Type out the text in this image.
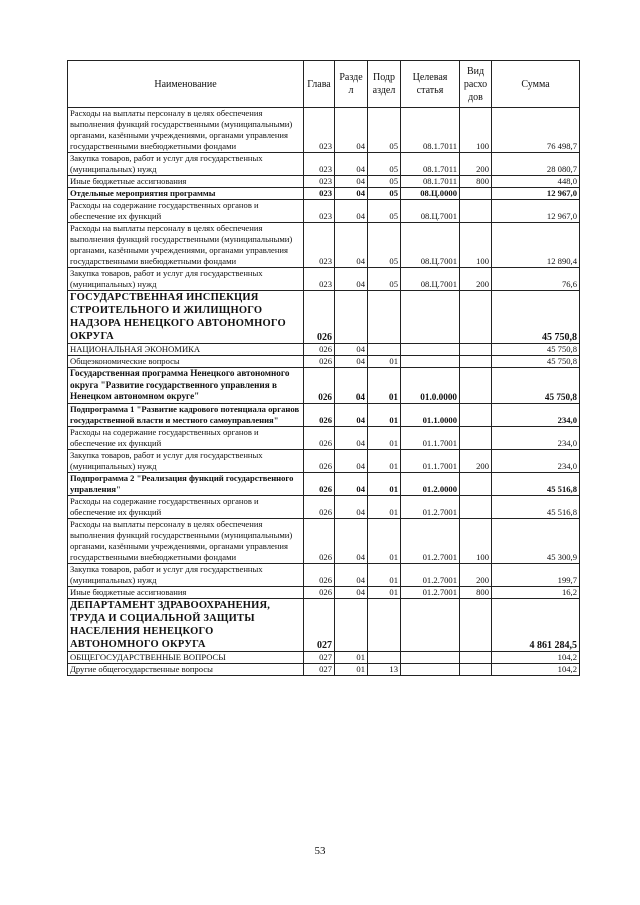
Наименование	Глава	Разде л	Подр аздел	Целевая статья	Вид расхо дов	Сумма
Расходы на выплаты персоналу в целях обеспечения выполнения функций государственными (муниципальными) органами, казёнными учреждениями, органами управления государственными внебюджетными фондами	023	04	05	08.1.7011	100	76 498,7
Закупка товаров, работ и услуг для государственных (муниципальных) нужд	023	04	05	08.1.7011	200	28 080,7
Иные бюджетные ассигнования	023	04	05	08.1.7011	800	448,0
Отдельные мероприятия программы	023	04	05	08.Ц.0000		12 967,0
Расходы на содержание государственных органов и обеспечение их функций	023	04	05	08.Ц.7001		12 967,0
Расходы на выплаты персоналу в целях обеспечения выполнения функций государственными (муниципальными) органами, казёнными учреждениями, органами управления государственными внебюджетными фондами	023	04	05	08.Ц.7001	100	12 890,4
Закупка товаров, работ и услуг для государственных (муниципальных) нужд	023	04	05	08.Ц.7001	200	76,6
ГОСУДАРСТВЕННАЯ ИНСПЕКЦИЯ СТРОИТЕЛЬНОГО И ЖИЛИЩНОГО НАДЗОРА НЕНЕЦКОГО АВТОНОМНОГО ОКРУГА	026					45 750,8
НАЦИОНАЛЬНАЯ ЭКОНОМИКА	026	04				45 750,8
Общеэкономические вопросы	026	04	01			45 750,8
Государственная программа Ненецкого автономного округа "Развитие государственного управления в Ненецком автономном округе"	026	04	01	01.0.0000		45 750,8
Подпрограмма 1 "Развитие кадрового потенциала органов государственной власти и местного самоуправления"	026	04	01	01.1.0000		234,0
Расходы на содержание государственных органов и обеспечение их функций	026	04	01	01.1.7001		234,0
Закупка товаров, работ и услуг для государственных (муниципальных) нужд	026	04	01	01.1.7001	200	234,0
Подпрограмма 2 "Реализация функций государственного управления"	026	04	01	01.2.0000		45 516,8
Расходы на содержание государственных органов и обеспечение их функций	026	04	01	01.2.7001		45 516,8
Расходы на выплаты персоналу в целях обеспечения выполнения функций государственными (муниципальными) органами, казёнными учреждениями, органами управления государственными внебюджетными фондами	026	04	01	01.2.7001	100	45 300,9
Закупка товаров, работ и услуг для государственных (муниципальных) нужд	026	04	01	01.2.7001	200	199,7
Иные бюджетные ассигнования	026	04	01	01.2.7001	800	16,2
ДЕПАРТАМЕНТ ЗДРАВООХРАНЕНИЯ, ТРУДА И СОЦИАЛЬНОЙ ЗАЩИТЫ НАСЕЛЕНИЯ НЕНЕЦКОГО АВТОНОМНОГО ОКРУГА	027					4 861 284,5
ОБЩЕГОСУДАРСТВЕННЫЕ ВОПРОСЫ	027	01				104,2
Другие общегосударственные вопросы	027	01	13			104,2
53
